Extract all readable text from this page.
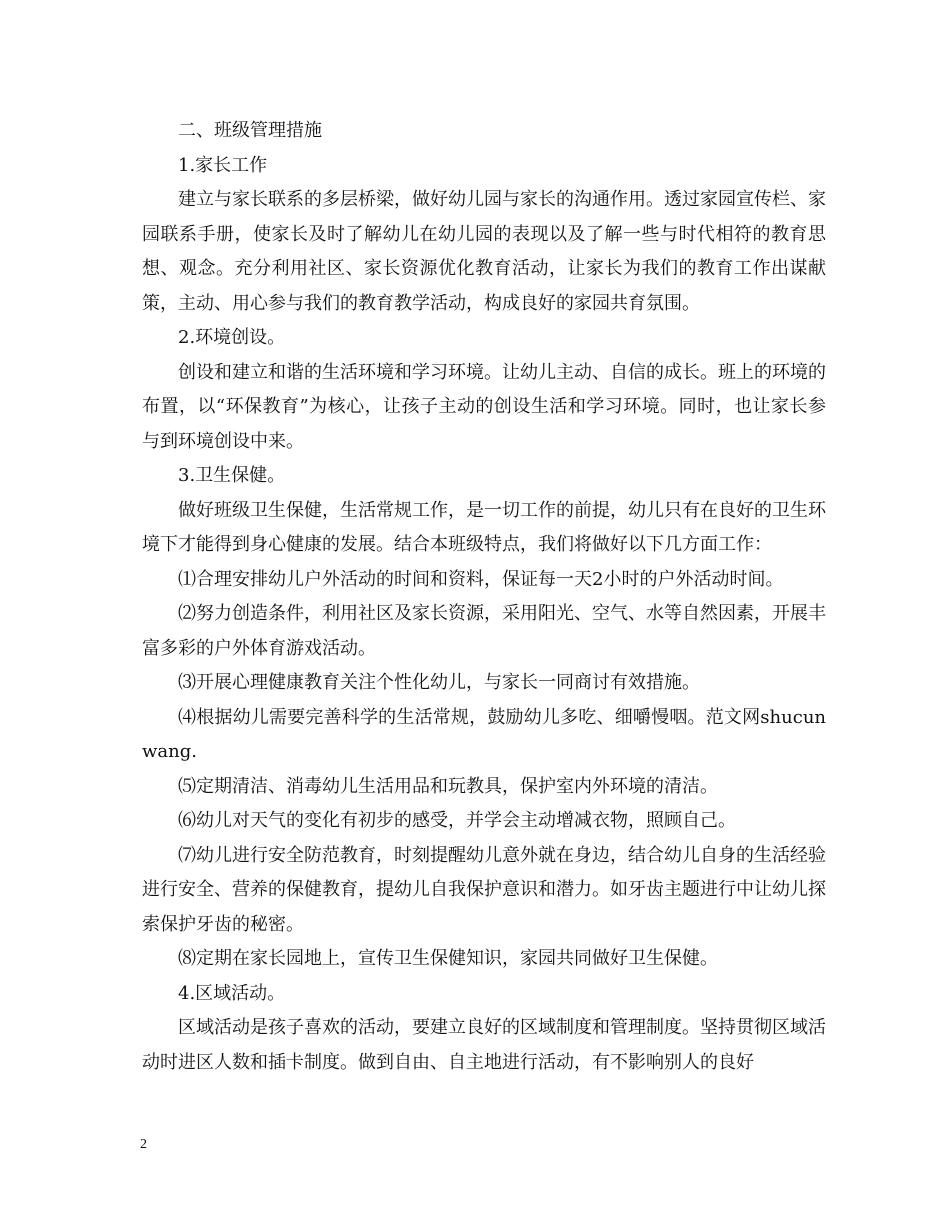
二、班级管理措施

1.家长工作

建立与家长联系的多层桥梁，做好幼儿园与家长的沟通作用。透过家园宣传栏、家园联系手册，使家长及时了解幼儿在幼儿园的表现以及了解一些与时代相符的教育思想、观念。充分利用社区、家长资源优化教育活动，让家长为我们的教育工作出谋献策，主动、用心参与我们的教育教学活动，构成良好的家园共育氛围。

2.环境创设。

创设和建立和谐的生活环境和学习环境。让幼儿主动、自信的成长。班上的环境的布置，以“环保教育”为核心，让孩子主动的创设生活和学习环境。同时，也让家长参与到环境创设中来。

3.卫生保健。

做好班级卫生保健，生活常规工作，是一切工作的前提，幼儿只有在良好的卫生环境下才能得到身心健康的发展。结合本班级特点，我们将做好以下几方面工作：

⑴合理安排幼儿户外活动的时间和资料，保证每一天2小时的户外活动时间。

⑵努力创造条件，利用社区及家长资源，采用阳光、空气、水等自然因素，开展丰富多彩的户外体育游戏活动。

⑶开展心理健康教育关注个性化幼儿，与家长一同商讨有效措施。

⑷根据幼儿需要完善科学的生活常规，鼓励幼儿多吃、细嚼慢咽。范文网shucunwang.

⑸定期清洁、消毒幼儿生活用品和玩教具，保护室内外环境的清洁。

⑹幼儿对天气的变化有初步的感受，并学会主动增减衣物，照顾自己。

⑺幼儿进行安全防范教育，时刻提醒幼儿意外就在身边，结合幼儿自身的生活经验进行安全、营养的保健教育，提幼儿自我保护意识和潜力。如牙齿主题进行中让幼儿探索保护牙齿的秘密。

⑻定期在家长园地上，宣传卫生保健知识，家园共同做好卫生保健。

4.区域活动。

区域活动是孩子喜欢的活动，要建立良好的区域制度和管理制度。坚持贯彻区域活动时进区人数和插卡制度。做到自由、自主地进行活动，有不影响别人的良好

2
